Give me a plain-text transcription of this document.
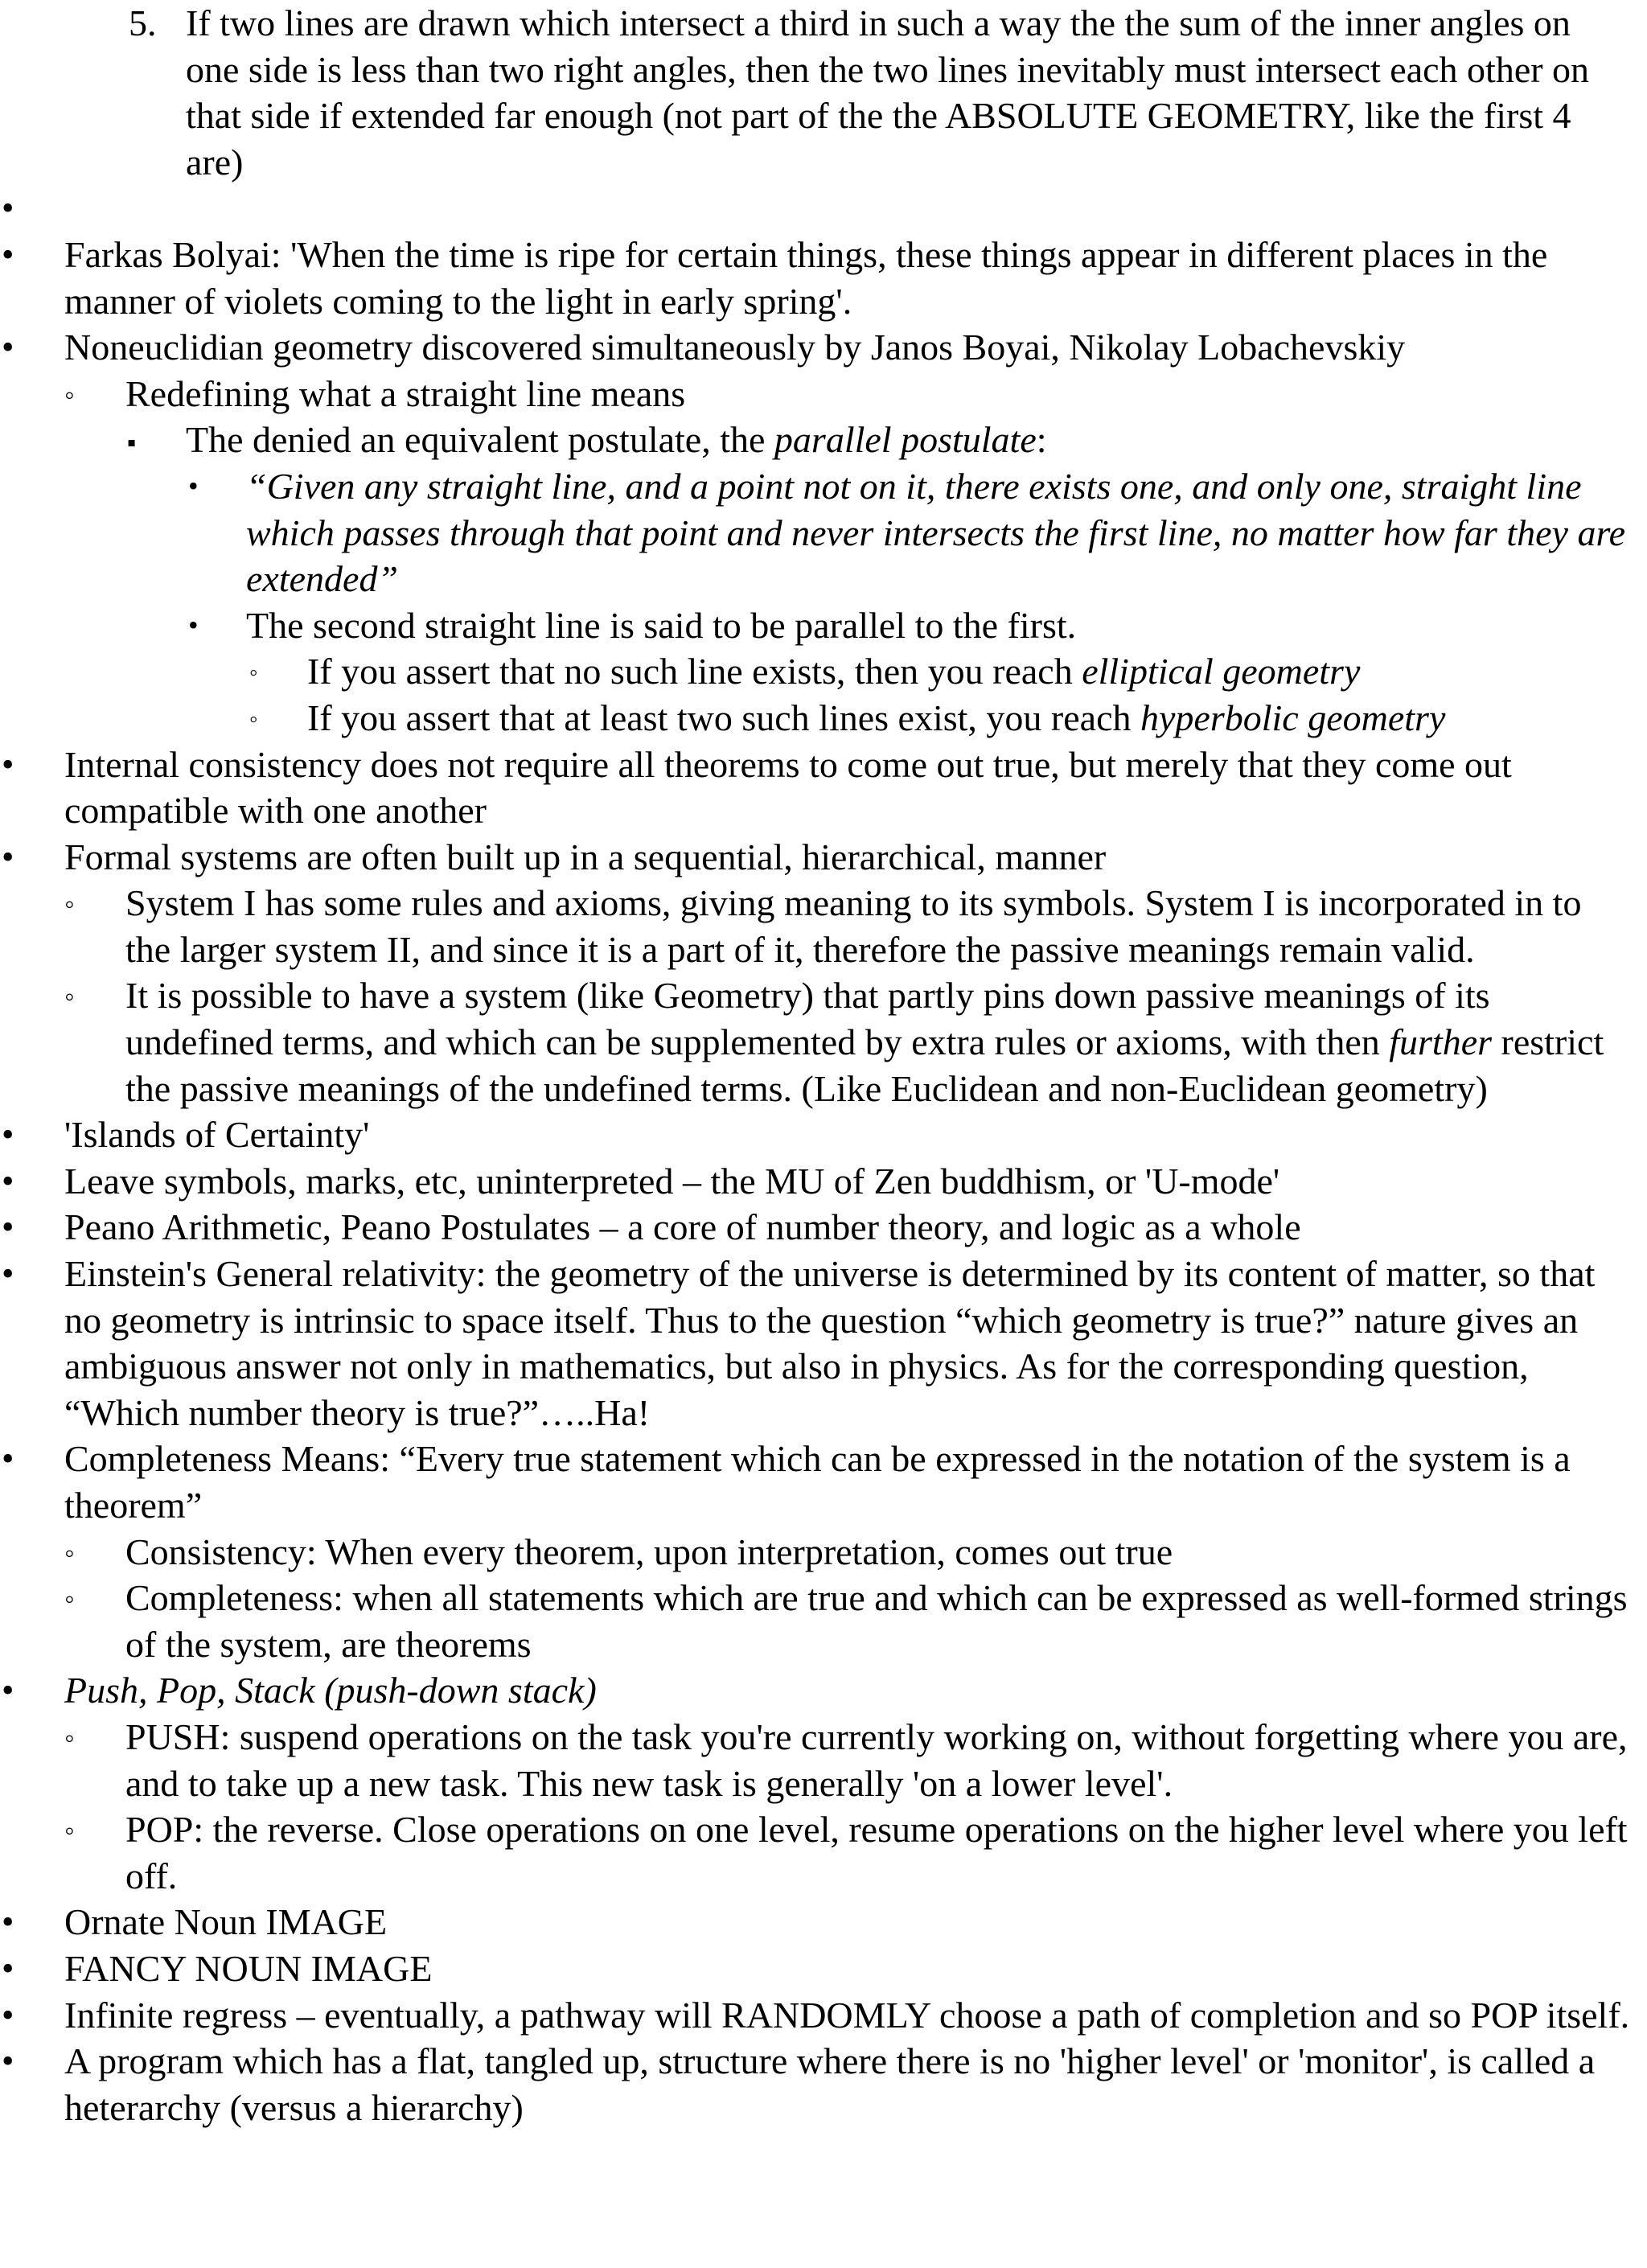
5. If two lines are drawn which intersect a third in such a way the the sum of the inner angles on one side is less than two right angles, then the two lines inevitably must intersect each other on that side if extended far enough (not part of the the ABSOLUTE GEOMETRY, like the first 4 are)
•
•	Farkas Bolyai: 'When the time is ripe for certain things, these things appear in different places in the manner of violets coming to the light in early spring'.
•	Noneuclidian geometry discovered simultaneously by Janos Boyai, Nikolay Lobachevskiy
◦	Redefining what a straight line means
▪	The denied an equivalent postulate, the parallel postulate:
•	“Given any straight line, and a point not on it, there exists one, and only one, straight line which passes through that point and never intersects the first line, no matter how far they are extended”
•	The second straight line is said to be parallel to the first.
◦	If you assert that no such line exists, then you reach elliptical geometry
◦	If you assert that at least two such lines exist, you reach hyperbolic geometry
•	Internal consistency does not require all theorems to come out true, but merely that they come out compatible with one another
•	Formal systems are often built up in a sequential, hierarchical, manner
◦	System I has some rules and axioms, giving meaning to its symbols. System I is incorporated in to the larger system II, and since it is a part of it, therefore the passive meanings remain valid.
◦	It is possible to have a system (like Geometry) that partly pins down passive meanings of its undefined terms, and which can be supplemented by extra rules or axioms, with then further restrict the passive meanings of the undefined terms. (Like Euclidean and non-Euclidean geometry)
•	'Islands of Certainty'
•	Leave symbols, marks, etc, uninterpreted – the MU of Zen buddhism, or 'U-mode'
•	Peano Arithmetic, Peano Postulates – a core of number theory, and logic as a whole
•	Einstein's General relativity: the geometry of the universe is determined by its content of matter, so that no geometry is intrinsic to space itself. Thus to the question “which geometry is true?” nature gives an ambiguous answer not only in mathematics, but also in physics. As for the corresponding question, “Which number theory is true?”…..Ha!
•	Completeness Means: “Every true statement which can be expressed in the notation of the system is a theorem”
◦	Consistency: When every theorem, upon interpretation, comes out true
◦	Completeness: when all statements which are true and which can be expressed as well-formed strings of the system, are theorems
•	Push, Pop, Stack (push-down stack)
◦	PUSH: suspend operations on the task you're currently working on, without forgetting where you are, and to take up a new task. This new task is generally 'on a lower level'.
◦	POP: the reverse. Close operations on one level, resume operations on the higher level where you left off.
•	Ornate Noun IMAGE
•	FANCY NOUN IMAGE
•	Infinite regress – eventually, a pathway will RANDOMLY choose a path of completion and so POP itself.
•	A program which has a flat, tangled up, structure where there is no 'higher level' or 'monitor', is called a heterarchy (versus a hierarchy)
